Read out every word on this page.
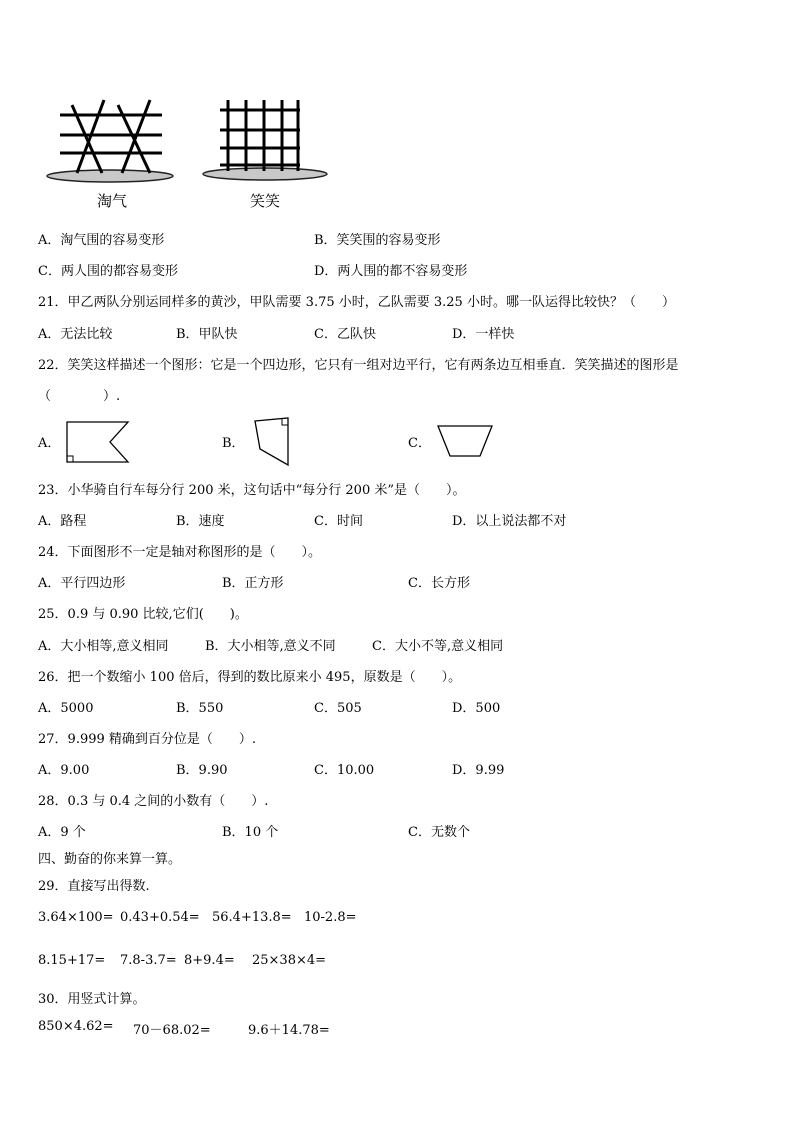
淘气	笑笑
A．淘气围的容易变形	B．笑笑围的容易变形
C．两人围的都容易变形	D．两人围的都不容易变形
21．甲乙两队分别运同样多的黄沙，甲队需要 3.75 小时，乙队需要 3.25 小时。哪一队运得比较快？（　　）
A．无法比较	B．甲队快	C．乙队快	D．一样快
22．笑笑这样描述一个图形：它是一个四边形，它只有一组对边平行，它有两条边互相垂直．笑笑描述的图形是
（　　　　）.
A．	B．	C．
23．小华骑自行车每分行 200 米，这句话中“每分行 200 米”是（　　）。
A．路程	B．速度	C．时间	D．以上说法都不对
24．下面图形不一定是轴对称图形的是（　　）。
A．平行四边形	B．正方形	C．长方形
25．0.9 与 0.90 比较,它们(　　)。
A．大小相等,意义相同	B．大小相等,意义不同	C．大小不等,意义相同
26．把一个数缩小 100 倍后，得到的数比原来小 495，原数是（　　）。
A．5000	B．550	C．505	D．500
27．9.999 精确到百分位是（　　）.
A．9.00	B．9.90	C．10.00	D．9.99
28．0.3 与 0.4 之间的小数有（　　）.
A．9 个	B．10 个	C．无数个
四、勤奋的你来算一算。
29．直接写出得数.
3.64×100= 0.43+0.54= 56.4+13.8= 10-2.8=
8.15+17= 7.8-3.7= 8+9.4= 25×38×4=
30．用竖式计算。
850×4.62= 70－68.02=	9.6＋14.78=
